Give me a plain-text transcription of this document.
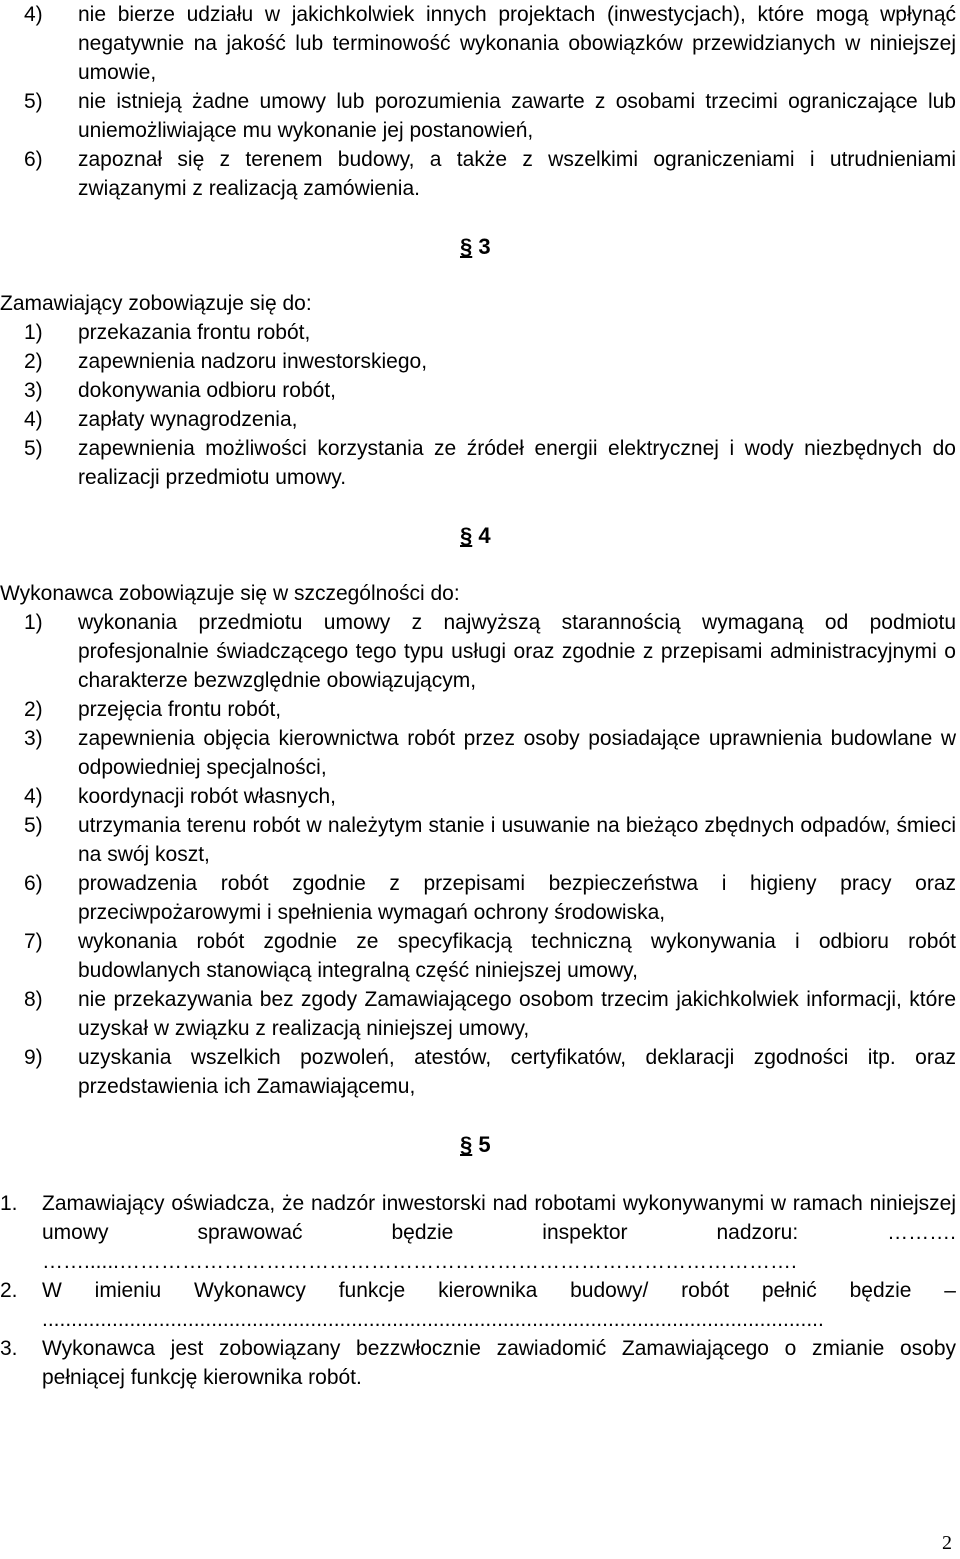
4) nie bierze udziału w jakichkolwiek innych projektach (inwestycjach), które mogą wpłynąć negatywnie na jakość lub terminowość wykonania obowiązków przewidzianych w niniejszej umowie,
5) nie istnieją żadne umowy lub porozumienia zawarte z osobami trzecimi ograniczające lub uniemożliwiające mu wykonanie jej postanowień,
6) zapoznał się z terenem budowy, a także z wszelkimi ograniczeniami i utrudnieniami związanymi z realizacją zamówienia.
§ 3
Zamawiający zobowiązuje się do:
1) przekazania frontu robót,
2) zapewnienia nadzoru inwestorskiego,
3) dokonywania odbioru robót,
4) zapłaty wynagrodzenia,
5) zapewnienia możliwości korzystania ze źródeł energii elektrycznej i wody niezbędnych do realizacji przedmiotu umowy.
§ 4
Wykonawca zobowiązuje się w szczególności do:
1) wykonania przedmiotu umowy z najwyższą starannością wymaganą od podmiotu profesjonalnie świadczącego tego typu usługi oraz zgodnie z przepisami administracyjnymi o charakterze bezwzględnie obowiązującym,
2) przejęcia frontu robót,
3) zapewnienia objęcia kierownictwa robót przez osoby posiadające uprawnienia budowlane w odpowiedniej specjalności,
4) koordynacji robót własnych,
5) utrzymania terenu robót w należytym stanie i usuwanie na bieżąco zbędnych odpadów, śmieci na swój koszt,
6) prowadzenia robót zgodnie z przepisami bezpieczeństwa i higieny pracy oraz przeciwpożarowymi i spełnienia wymagań ochrony środowiska,
7) wykonania robót zgodnie ze specyfikacją techniczną wykonywania i odbioru robót budowlanych stanowiącą integralną część niniejszej umowy,
8) nie przekazywania bez zgody Zamawiającego osobom trzecim jakichkolwiek informacji, które uzyskał w związku z realizacją niniejszej umowy,
9) uzyskania wszelkich pozwoleń, atestów, certyfikatów, deklaracji zgodności itp. oraz przedstawienia ich Zamawiającemu,
§ 5
1. Zamawiający oświadcza, że nadzór inwestorski nad robotami wykonywanymi w ramach niniejszej umowy sprawować będzie inspektor nadzoru: ………. ……......…………………………………………………………………………………….
2. W imieniu Wykonawcy funkcje kierownika budowy/ robót pełnić będzie – ......................................................................................................................................
3. Wykonawca jest zobowiązany bezzwłocznie zawiadomić Zamawiającego o zmianie osoby pełniącej funkcję kierownika robót.
2
